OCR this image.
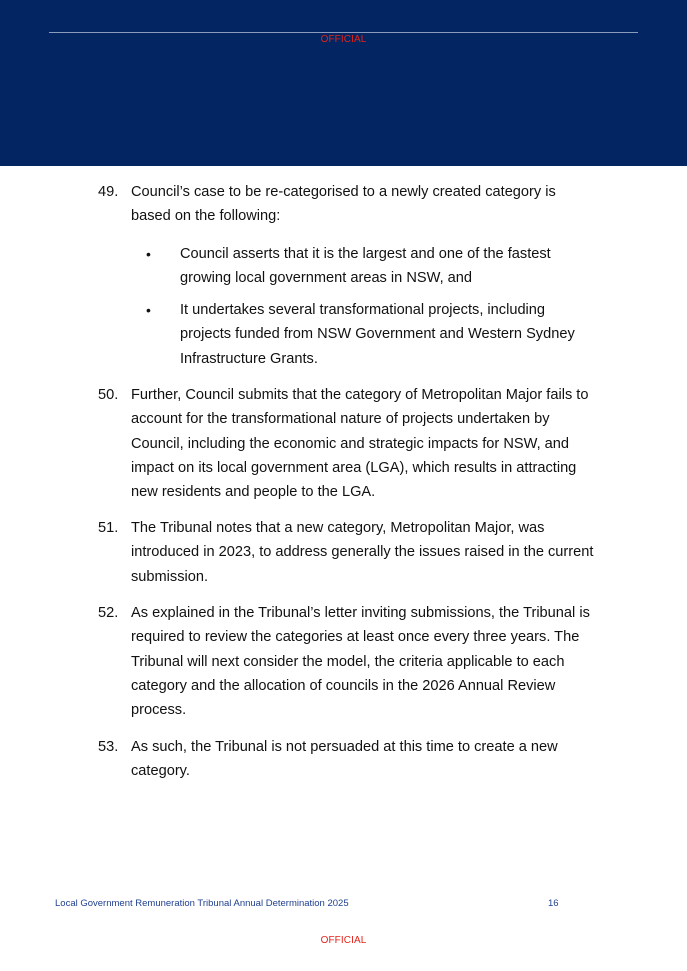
OFFICIAL
49. Council’s case to be re-categorised to a newly created category is based on the following:
•	Council asserts that it is the largest and one of the fastest growing local government areas in NSW, and
•	It undertakes several transformational projects, including projects funded from NSW Government and Western Sydney Infrastructure Grants.
50. Further, Council submits that the category of Metropolitan Major fails to account for the transformational nature of projects undertaken by Council, including the economic and strategic impacts for NSW, and impact on its local government area (LGA), which results in attracting new residents and people to the LGA.
51. The Tribunal notes that a new category, Metropolitan Major, was introduced in 2023, to address generally the issues raised in the current submission.
52. As explained in the Tribunal’s letter inviting submissions, the Tribunal is required to review the categories at least once every three years. The Tribunal will next consider the model, the criteria applicable to each category and the allocation of councils in the 2026 Annual Review process.
53. As such, the Tribunal is not persuaded at this time to create a new category.
Local Government Remuneration Tribunal Annual Determination 2025	16
OFFICIAL
